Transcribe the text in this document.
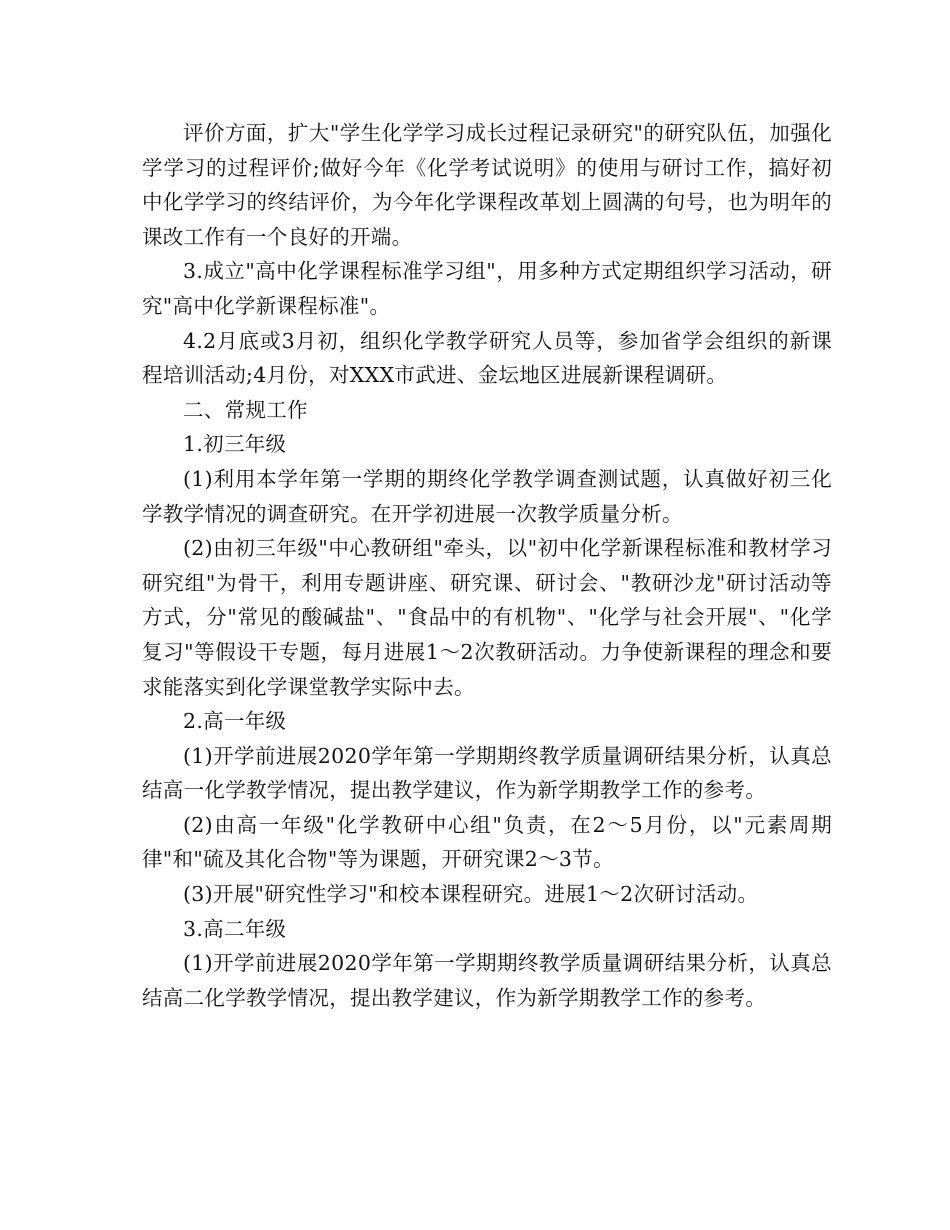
评价方面，扩大"学生化学学习成长过程记录研究"的研究队伍，加强化学学习的过程评价;做好今年《化学考试说明》的使用与研讨工作，搞好初中化学学习的终结评价，为今年化学课程改革划上圆满的句号，也为明年的课改工作有一个良好的开端。

3.成立"高中化学课程标准学习组"，用多种方式定期组织学习活动，研究"高中化学新课程标准"。

4.2月底或3月初，组织化学教学研究人员等，参加省学会组织的新课程培训活动;4月份，对XXX市武进、金坛地区进展新课程调研。

二、常规工作

1.初三年级

(1)利用本学年第一学期的期终化学教学调查测试题，认真做好初三化学教学情况的调查研究。在开学初进展一次教学质量分析。

(2)由初三年级"中心教研组"牵头，以"初中化学新课程标准和教材学习研究组"为骨干，利用专题讲座、研究课、研讨会、"教研沙龙"研讨活动等方式，分"常见的酸碱盐"、"食品中的有机物"、"化学与社会开展"、"化学复习"等假设干专题，每月进展1～2次教研活动。力争使新课程的理念和要求能落实到化学课堂教学实际中去。

2.高一年级

(1)开学前进展2020学年第一学期期终教学质量调研结果分析，认真总结高一化学教学情况，提出教学建议，作为新学期教学工作的参考。

(2)由高一年级"化学教研中心组"负责，在2～5月份，以"元素周期律"和"硫及其化合物"等为课题，开研究课2～3节。

(3)开展"研究性学习"和校本课程研究。进展1～2次研讨活动。

3.高二年级

(1)开学前进展2020学年第一学期期终教学质量调研结果分析，认真总结高二化学教学情况，提出教学建议，作为新学期教学工作的参考。
